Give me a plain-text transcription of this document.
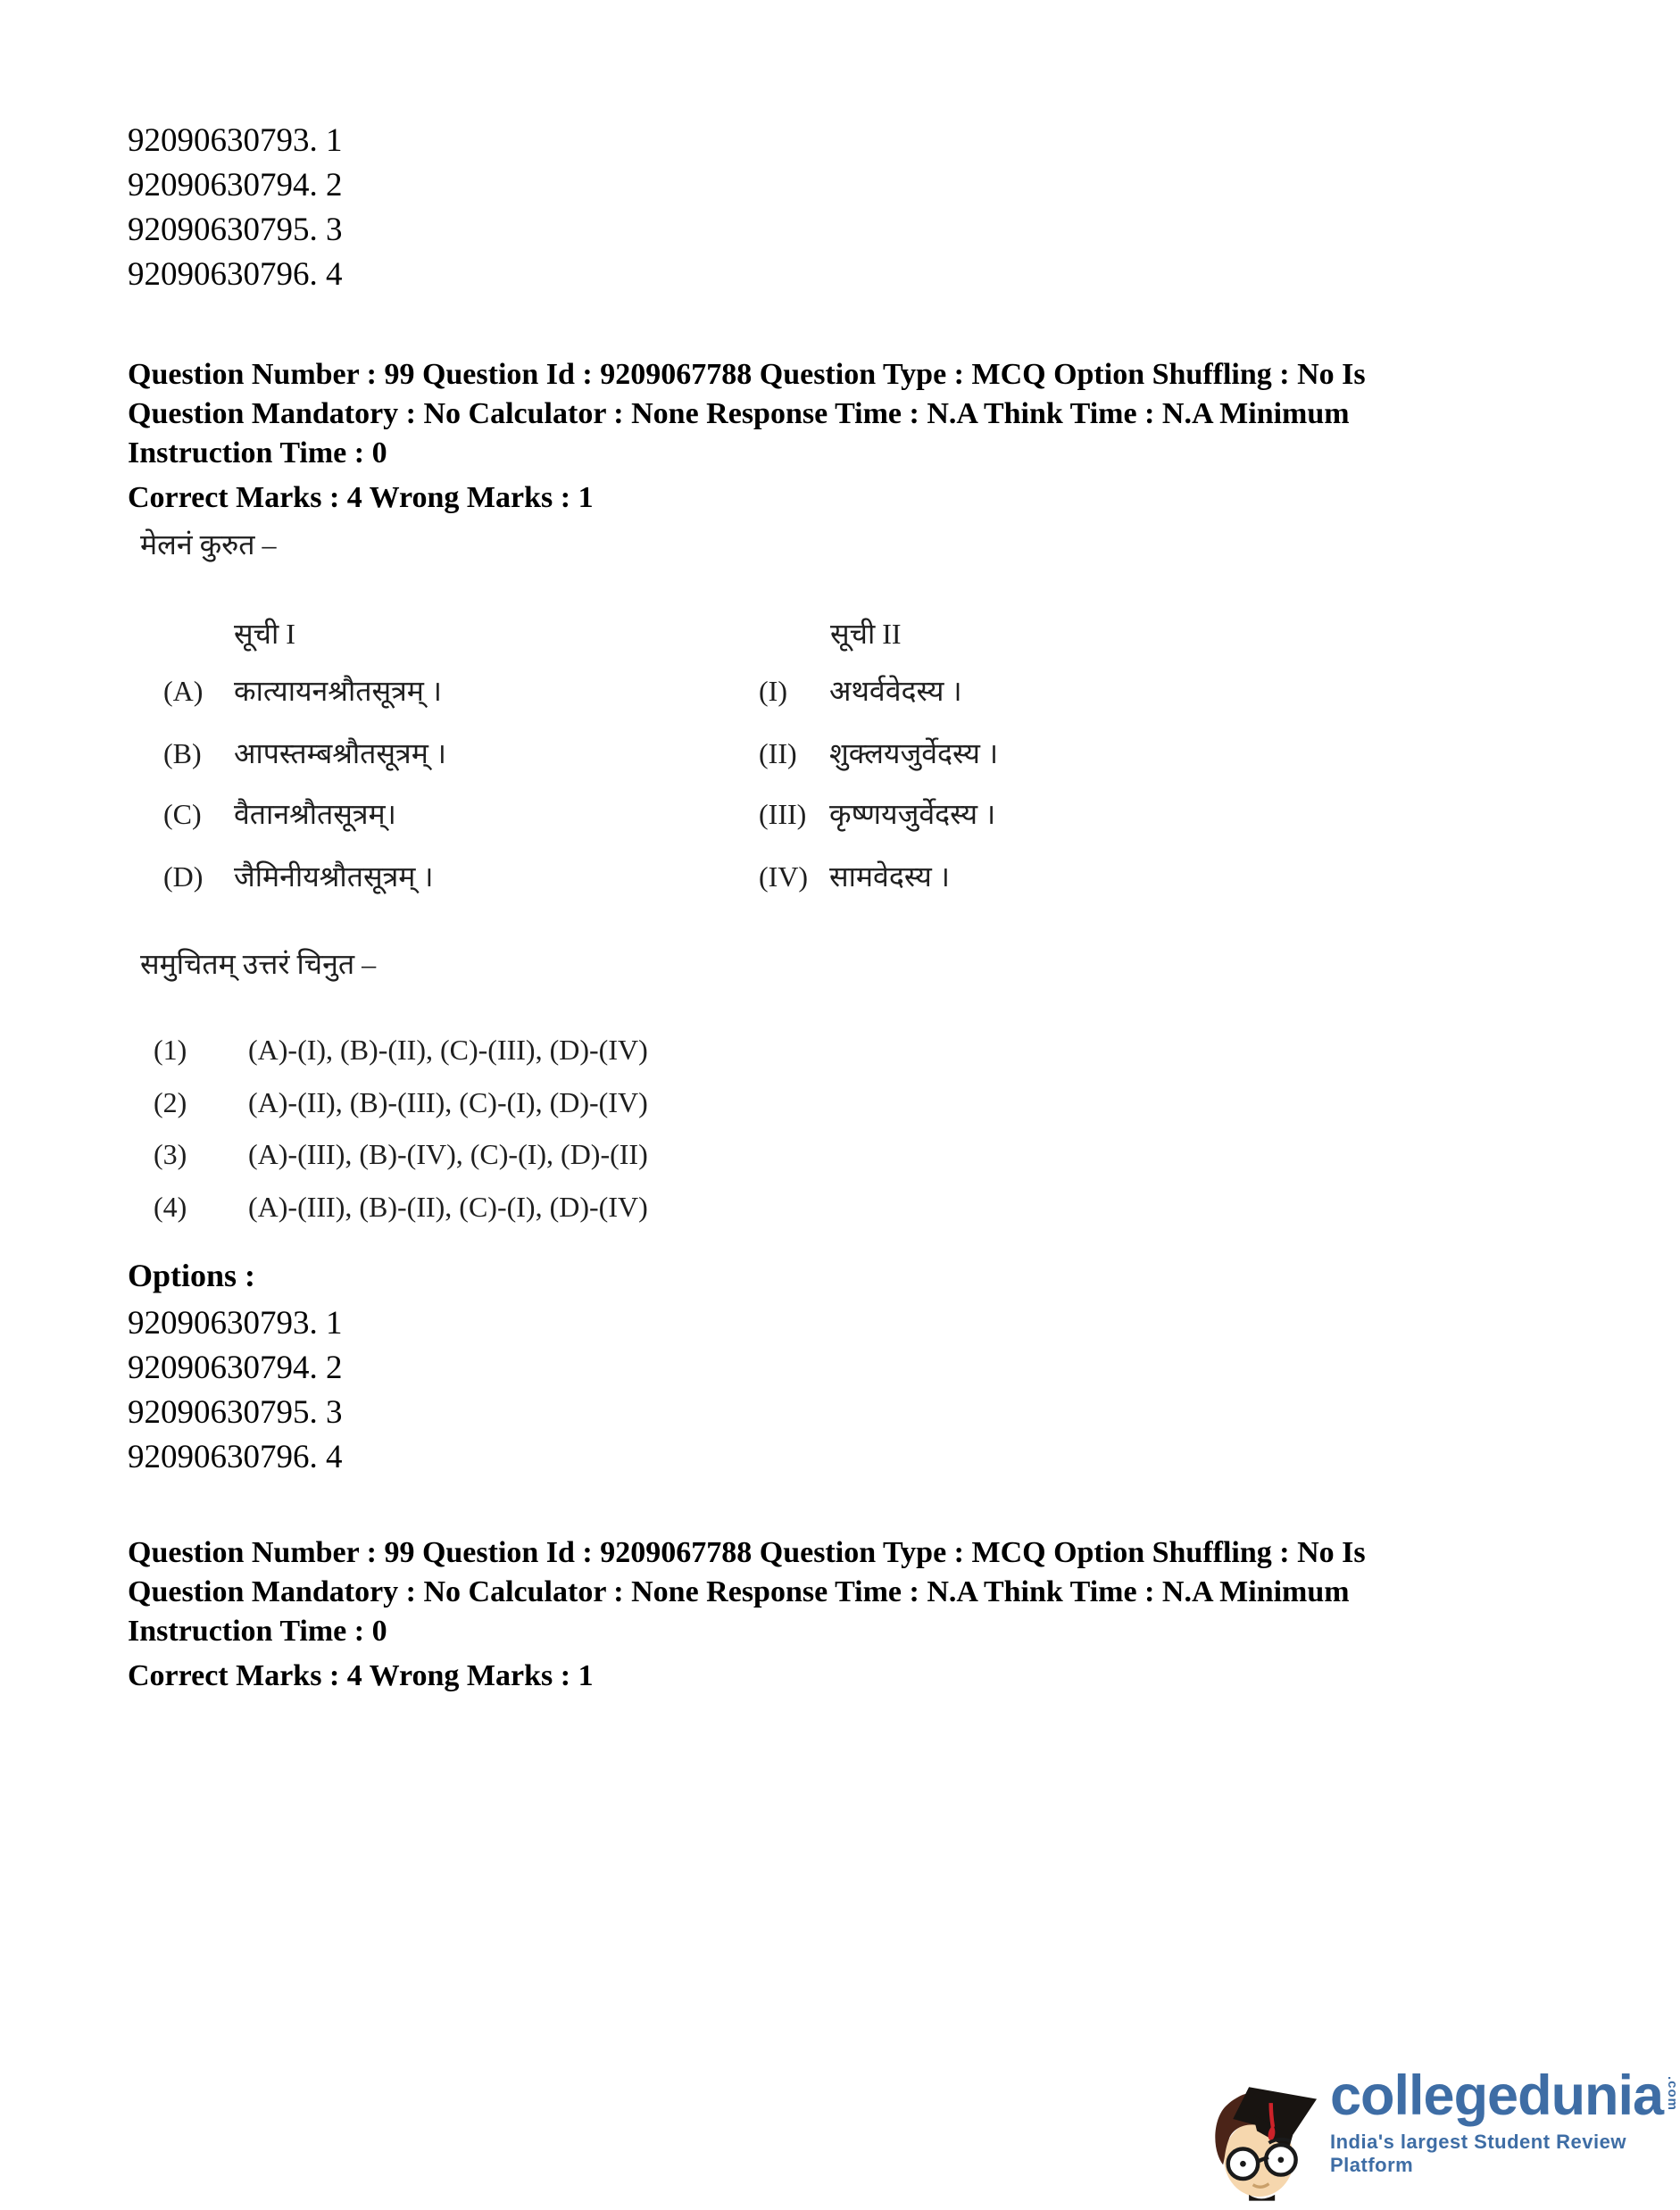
92090630793. 1
92090630794. 2
92090630795. 3
92090630796. 4
Question Number : 99 Question Id : 9209067788 Question Type : MCQ Option Shuffling : No Is
Question Mandatory : No Calculator : None Response Time : N.A Think Time : N.A Minimum
Instruction Time : 0
Correct Marks : 4 Wrong Marks : 1
मेलनं कुरुत –
सूची I	सूची II
(A) कात्यायनश्रौतसूत्रम् ।	(I) अथर्ववेदस्य ।
(B) आपस्तम्बश्रौतसूत्रम् ।	(II) शुक्लयजुर्वेदस्य ।
(C) वैतानश्रौतसूत्रम्।	(III) कृष्णयजुर्वेदस्य ।
(D) जैमिनीयश्रौतसूत्रम् ।	(IV) सामवेदस्य ।
समुचितम् उत्तरं चिनुत –
(1) (A)-(I), (B)-(II), (C)-(III), (D)-(IV)
(2) (A)-(II), (B)-(III), (C)-(I), (D)-(IV)
(3) (A)-(III), (B)-(IV), (C)-(I), (D)-(II)
(4) (A)-(III), (B)-(II), (C)-(I), (D)-(IV)
Options :
92090630793. 1
92090630794. 2
92090630795. 3
92090630796. 4
Question Number : 99 Question Id : 9209067788 Question Type : MCQ Option Shuffling : No Is
Question Mandatory : No Calculator : None Response Time : N.A Think Time : N.A Minimum
Instruction Time : 0
Correct Marks : 4 Wrong Marks : 1
collegedunia .com
India's largest Student Review Platform
